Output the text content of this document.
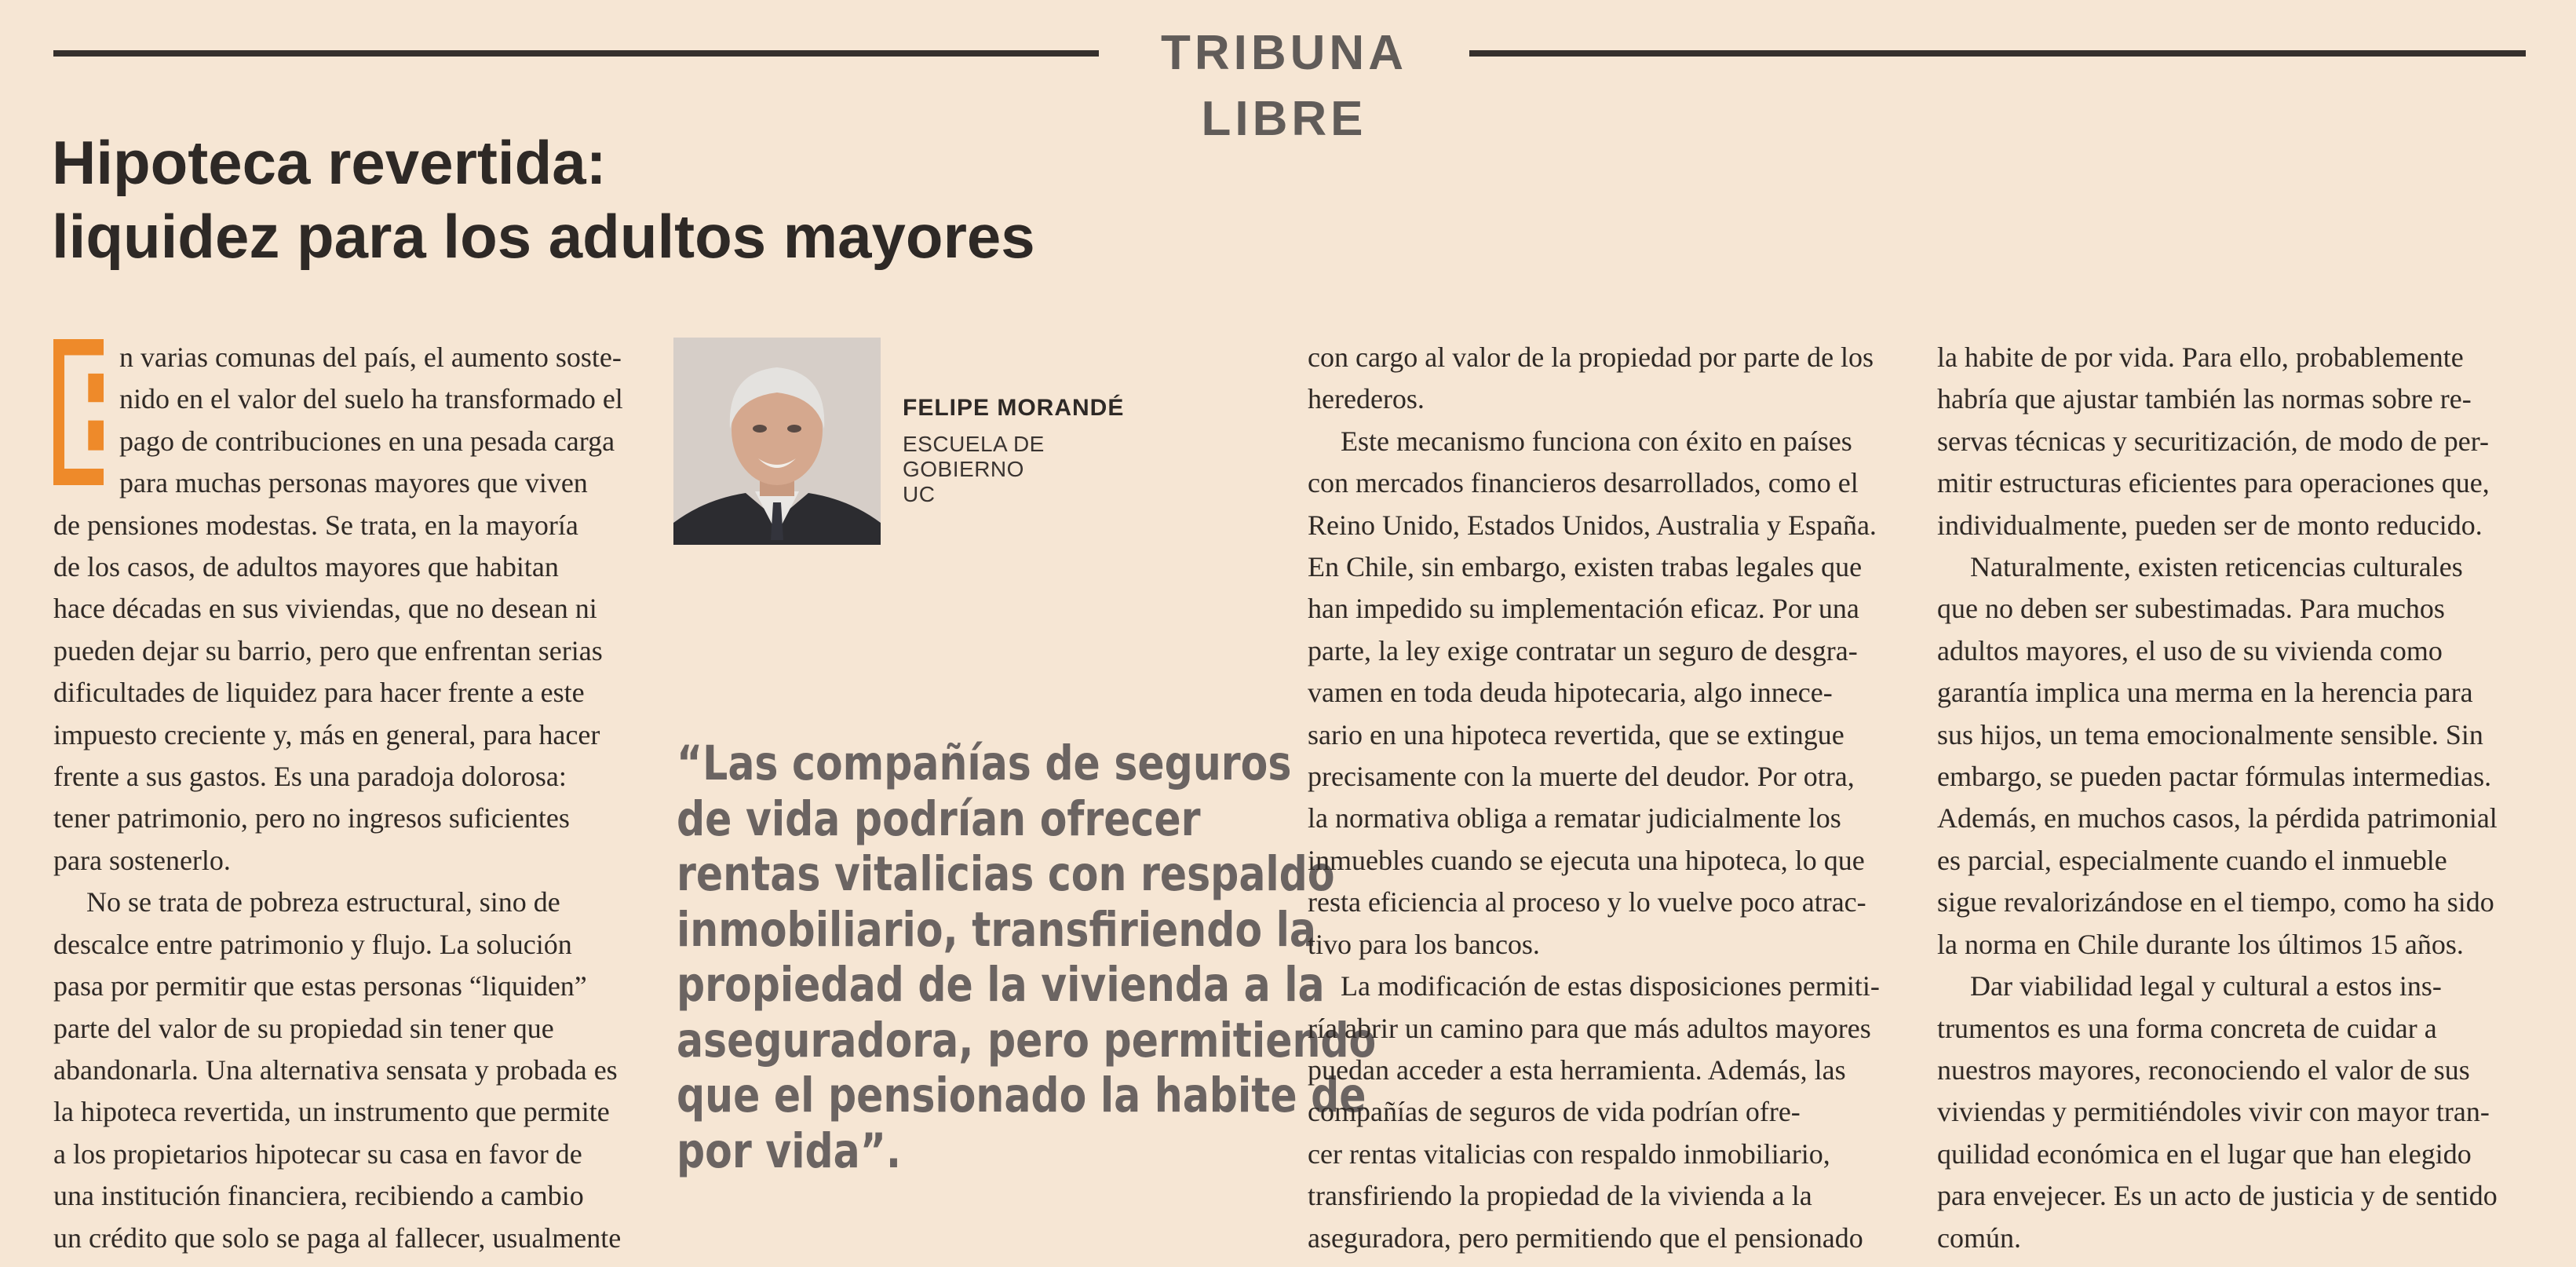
TRIBUNA LIBRE
Hipoteca revertida:
liquidez para los adultos mayores
E

n varias comunas del país, el aumento soste-
nido en el valor del suelo ha transformado el
pago de contribuciones en una pesada carga
para muchas personas mayores que viven
de pensiones modestas. Se trata, en la mayoría
de los casos, de adultos mayores que habitan
hace décadas en sus viviendas, que no desean ni
pueden dejar su barrio, pero que enfrentan serias
dificultades de liquidez para hacer frente a este
impuesto creciente y, más en general, para hacer
frente a sus gastos. Es una paradoja dolorosa:
tener patrimonio, pero no ingresos suficientes
para sostenerlo.

No se trata de pobreza estructural, sino de
descalce entre patrimonio y flujo. La solución
pasa por permitir que estas personas “liquiden”
parte del valor de su propiedad sin tener que
abandonarla. Una alternativa sensata y probada es
la hipoteca revertida, un instrumento que permite
a los propietarios hipotecar su casa en favor de
una institución financiera, recibiendo a cambio
un crédito que solo se paga al fallecer, usualmente

FELIPE MORANDÉ
ESCUELA DE GOBIERNO
UC
“Las compañías de seguros
de vida podrían ofrecer
rentas vitalicias con respaldo
inmobiliario, transfiriendo la
propiedad de la vivienda a la
aseguradora, pero permitiendo
que el pensionado la habite de
por vida”.

con cargo al valor de la propiedad por parte de los
herederos.

Este mecanismo funciona con éxito en países
con mercados financieros desarrollados, como el
Reino Unido, Estados Unidos, Australia y España.
En Chile, sin embargo, existen trabas legales que
han impedido su implementación eficaz. Por una
parte, la ley exige contratar un seguro de desgra-
vamen en toda deuda hipotecaria, algo innece-
sario en una hipoteca revertida, que se extingue
precisamente con la muerte del deudor. Por otra,
la normativa obliga a rematar judicialmente los
inmuebles cuando se ejecuta una hipoteca, lo que
resta eficiencia al proceso y lo vuelve poco atrac-
tivo para los bancos.

La modificación de estas disposiciones permiti-
ría abrir un camino para que más adultos mayores
puedan acceder a esta herramienta. Además, las
compañías de seguros de vida podrían ofre-
cer rentas vitalicias con respaldo inmobiliario,
transfiriendo la propiedad de la vivienda a la
aseguradora, pero permitiendo que el pensionado

la habite de por vida. Para ello, probablemente
habría que ajustar también las normas sobre re-
servas técnicas y securitización, de modo de per-
mitir estructuras eficientes para operaciones que,
individualmente, pueden ser de monto reducido.

Naturalmente, existen reticencias culturales
que no deben ser subestimadas. Para muchos
adultos mayores, el uso de su vivienda como
garantía implica una merma en la herencia para
sus hijos, un tema emocionalmente sensible. Sin
embargo, se pueden pactar fórmulas intermedias.
Además, en muchos casos, la pérdida patrimonial
es parcial, especialmente cuando el inmueble
sigue revalorizándose en el tiempo, como ha sido
la norma en Chile durante los últimos 15 años.

Dar viabilidad legal y cultural a estos ins-
trumentos es una forma concreta de cuidar a
nuestros mayores, reconociendo el valor de sus
viviendas y permitiéndoles vivir con mayor tran-
quilidad económica en el lugar que han elegido
para envejecer. Es un acto de justicia y de sentido
común.
